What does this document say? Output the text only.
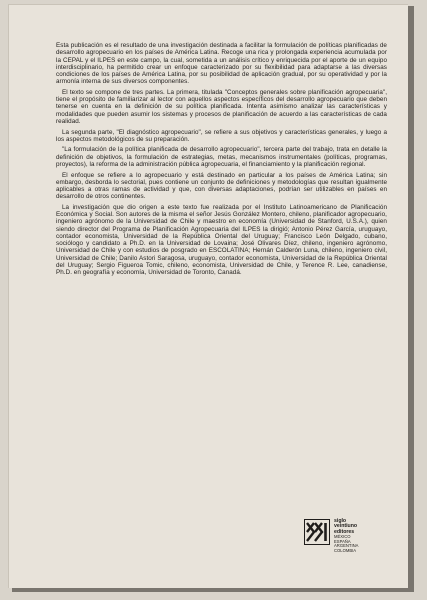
Esta publicación es el resultado de una investigación destinada a facilitar la formulación de políticas planificadas de desarrollo agropecuario en los países de América Latina. Recoge una rica y prolongada experiencia acumulada por la CEPAL y el ILPES en este campo, la cual, sometida a un análisis crítico y enriquecida por el aporte de un equipo interdisciplinario, ha permitido crear un enfoque caracterizado por su flexibilidad para adaptarse a las diversas condiciones de los países de América Latina, por su posibilidad de aplicación gradual, por su operatividad y por la armonía interna de sus diversos componentes.

El texto se compone de tres partes. La primera, titulada "Conceptos generales sobre planificación agropecuaria", tiene el propósito de familiarizar al lector con aquellos aspectos específicos del desarrollo agropecuario que deben tenerse en cuenta en la definición de su política planificada. Intenta asimismo analizar las características y modalidades que pueden asumir los sistemas y procesos de planificación de acuerdo a las características de cada realidad.

La segunda parte, "El diagnóstico agropecuario", se refiere a sus objetivos y características generales, y luego a los aspectos metodológicos de su preparación.

"La formulación de la política planificada de desarrollo agropecuario", tercera parte del trabajo, trata en detalle la definición de objetivos, la formulación de estrategias, metas, mecanismos instrumentales (políticas, programas, proyectos), la reforma de la administración pública agropecuaria, el financiamiento y la planificación regional.

El enfoque se refiere a lo agropecuario y está destinado en particular a los países de América Latina; sin embargo, desborda lo sectorial, pues contiene un conjunto de definiciones y metodologías que resultan igualmente aplicables a otras ramas de actividad y que, con diversas adaptaciones, podrían ser utilizables en países en desarrollo de otros continentes.

La investigación que dio origen a este texto fue realizada por el Instituto Latinoamericano de Planificación Económica y Social. Son autores de la misma el señor Jesús González Montero, chileno, planificador agropecuario, ingeniero agrónomo de la Universidad de Chile y maestro en economía (Universidad de Stanford, U.S.A.), quien siendo director del Programa de Planificación Agropecuaria del ILPES la dirigió; Antonio Pérez García, uruguayo, contador economista, Universidad de la República Oriental del Uruguay; Francisco León Delgado, cubano, sociólogo y candidato a Ph.D. en la Universidad de Lovaina; José Olivares Díez, chileno, ingeniero agrónomo, Universidad de Chile y con estudios de posgrado en ESCOLATINA; Hernán Calderón Luna, chileno, ingeniero civil, Universidad de Chile; Danilo Astori Saragosa, uruguayo, contador economista, Universidad de la República Oriental del Uruguay; Sergio Figueroa Tomic, chileno, economista, Universidad de Chile, y Terence R. Lee, canadiense, Ph.D. en geografía y economía, Universidad de Toronto, Canadá.

siglo
veintiuno
editores
MÉXICO
ESPAÑA
ARGENTINA
COLOMBIA
